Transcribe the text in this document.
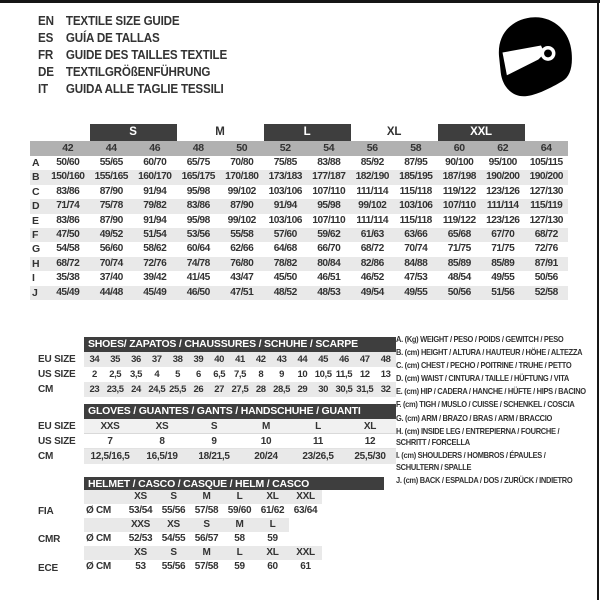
EN TEXTILE SIZE GUIDE
ES	GUÍA DE TALLAS
FR	GUIDE DES TAILLES TEXTILE
DE TEXTILGRÖßENFÜHRUNG
IT	GUIDA ALLE TAGLIE TESSILI
S	M	L	XL	XXL
42	44	46	48	50	52	54	56	58	60	62	64
A	50/60	55/65	60/70	65/75	70/80	75/85	83/88	85/92	87/95	90/100	95/100	105/115
B	150/160 155/165 160/170 165/175 170/180 173/183 177/187 182/190 185/195 187/198 190/200 190/200
C	83/86	87/90	91/94	95/98	99/102	103/106	107/110	111/114	115/118	119/122	123/126 127/130
D	71/74	75/78	79/82	83/86	87/90	91/94	95/98	99/102	103/106	107/110	111/114	115/119
E	83/86	87/90	91/94	95/98	99/102	103/106	107/110	111/114	115/118	119/122	123/126 127/130
F	47/50	49/52	51/54	53/56	55/58	57/60	59/62	61/63	63/66	65/68	67/70	68/72
G	54/58	56/60	58/62	60/64	62/66	64/68	66/70	68/72	70/74	71/75	71/75	72/76
H	68/72	70/74	72/76	74/78	76/80	78/82	80/84	82/86	84/88	85/89	85/89	87/91
I	35/38	37/40	39/42	41/45	43/47	45/50	46/51	46/52	47/53	48/54	49/55	50/56
J	45/49	44/48	45/49	46/50	47/51	48/52	48/53	49/54	49/55	50/56	51/56	52/58
SHOES/ ZAPATOS / CHAUSSURES / SCHUHE / SCARPE
EU SIZE	34	35	36	37	38	39	40	41	42	43	44	45	46	47	48
US SIZE	2	2,5 3,5	4	5	6	6,5 7,5	8	9	10 10,5 11,5 12	13
CM	23 23,5 24 24,5 25,5 26	27 27,5 28 28,5 29	30 30,5 31,5 32
GLOVES / GUANTES / GANTS / HANDSCHUHE / GUANTI
EU SIZE	XXS	XS	S	M	L	XL
US SIZE	7	8	9	10	11	12
CM	12,5/16,5	16,5/19	18/21,5	20/24	23/26,5	25,5/30
HELMET / CASCO / CASQUE / HELM / CASCO
XS	S	M	L	XL	XXL
FIA	Ø CM	53/54 55/56 57/58 59/60 61/62 63/64
XXS	XS	S	M	L
CMR	Ø CM	52/53 54/55 56/57	58	59
XS	S	M	L	XL	XXL
ECE	Ø CM	53	55/56 57/58	59	60	61
A. (Kg) WEIGHT / PESO / POIDS / GEWITCH / PESO
B. (cm) HEIGHT / ALTURA / HAUTEUR / HÖHE / ALTEZZA
C. (cm) CHEST / PECHO / POITRINE / TRUHE / PETTO
D. (cm) WAIST / CINTURA / TAILLE / HÜFTUNG / VITA
E. (cm) HIP / CADERA / HANCHE / HÜFTE / HIPS / BACINO
F. (cm) TIGH / MUSLO / CUISSE / SCHENKEL / COSCIA
G. (cm) ARM / BRAZO / BRAS / ARM / BRACCIO
H. (cm) INSIDE LEG / ENTREPIERNA / FOURCHE /
SCHRITT / FORCELLA
I. (cm) SHOULDERS / HOMBROS / ÉPAULES /
SCHULTERN / SPALLE
J. (cm) BACK / ESPALDA / DOS / ZURÜCK / INDIETRO
